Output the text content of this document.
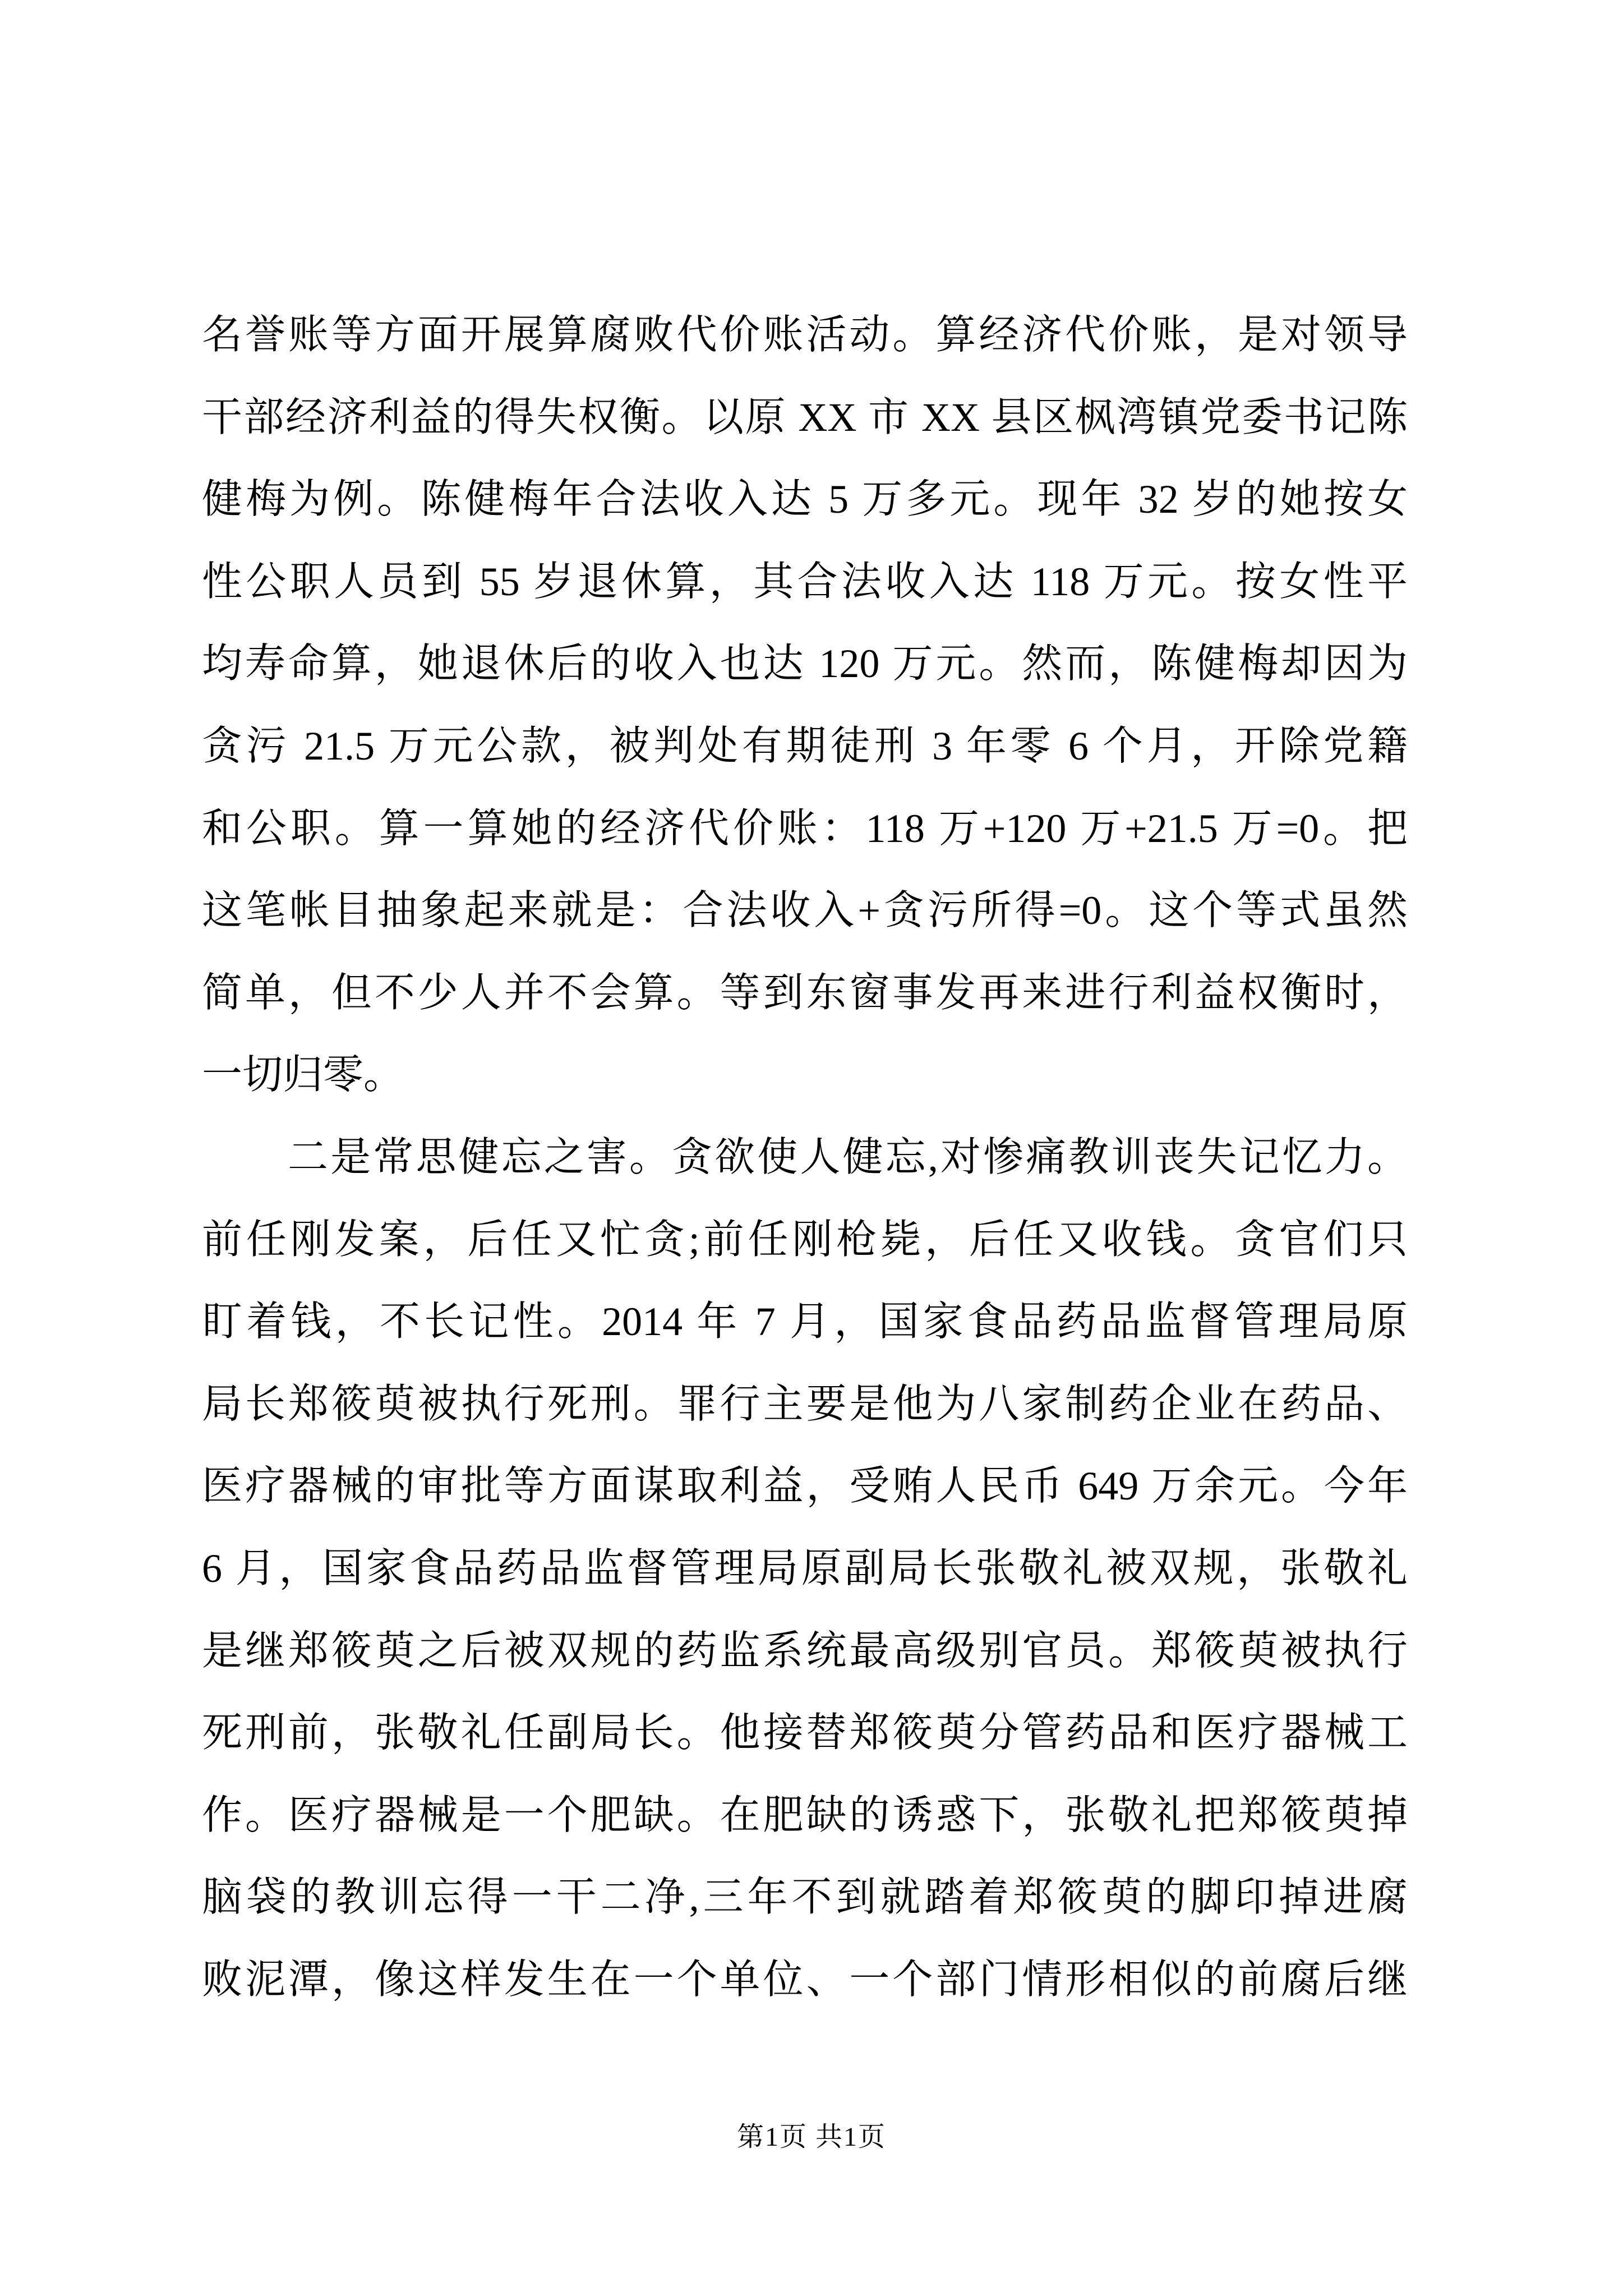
名誉账等方面开展算腐败代价账活动。算经济代价账，是对领导
干部经济利益的得失权衡。以原 XX 市 XX 县区枫湾镇党委书记陈
健梅为例。陈健梅年合法收入达 5 万多元。现年 32 岁的她按女
性公职人员到 55 岁退休算，其合法收入达 118 万元。按女性平
均寿命算，她退休后的收入也达 120 万元。然而，陈健梅却因为
贪污 21.5 万元公款，被判处有期徒刑 3 年零 6 个月，开除党籍
和公职。算一算她的经济代价账：118 万+120 万+21.5 万=0。把
这笔帐目抽象起来就是：合法收入+贪污所得=0。这个等式虽然
简单，但不少人并不会算。等到东窗事发再来进行利益权衡时，
一切归零。
二是常思健忘之害。贪欲使人健忘,对惨痛教训丧失记忆力。
前任刚发案，后任又忙贪;前任刚枪毙，后任又收钱。贪官们只
盯着钱，不长记性。2014 年 7 月，国家食品药品监督管理局原
局长郑筱萸被执行死刑。罪行主要是他为八家制药企业在药品、
医疗器械的审批等方面谋取利益，受贿人民币 649 万余元。今年
6 月，国家食品药品监督管理局原副局长张敬礼被双规，张敬礼
是继郑筱萸之后被双规的药监系统最高级别官员。郑筱萸被执行
死刑前，张敬礼任副局长。他接替郑筱萸分管药品和医疗器械工
作。医疗器械是一个肥缺。在肥缺的诱惑下，张敬礼把郑筱萸掉
脑袋的教训忘得一干二净,三年不到就踏着郑筱萸的脚印掉进腐
败泥潭，像这样发生在一个单位、一个部门情形相似的前腐后继
第1页 共1页
